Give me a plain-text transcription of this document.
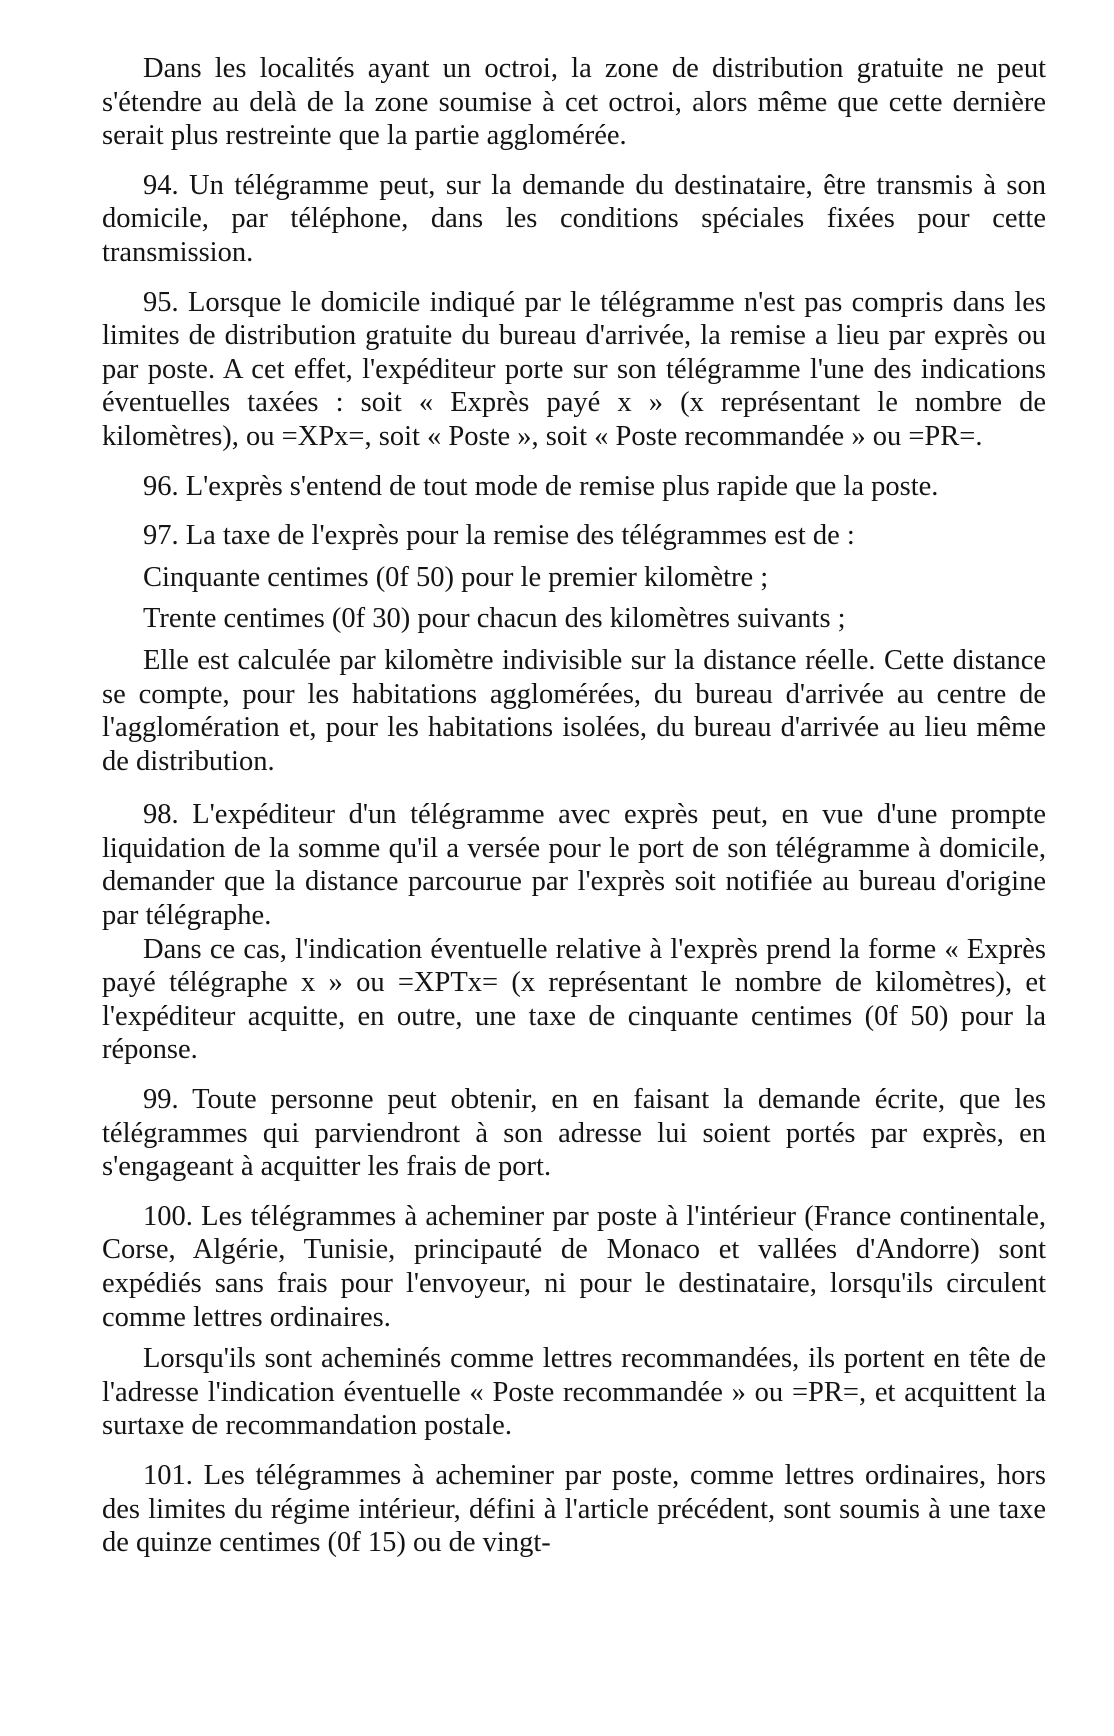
Dans les localités ayant un octroi, la zone de distribution gratuite ne peut s'étendre au delà de la zone soumise à cet octroi, alors même que cette dernière serait plus restreinte que la partie agglomérée.

94. Un télégramme peut, sur la demande du destinataire, être transmis à son domicile, par téléphone, dans les conditions spéciales fixées pour cette transmission.

95. Lorsque le domicile indiqué par le télégramme n'est pas compris dans les limites de distribution gratuite du bureau d'arrivée, la remise a lieu par exprès ou par poste. A cet effet, l'expéditeur porte sur son télégramme l'une des indications éventuelles taxées : soit « Exprès payé x » (x représentant le nombre de kilomètres), ou =XPx=, soit « Poste », soit « Poste recommandée » ou =PR=.

96. L'exprès s'entend de tout mode de remise plus rapide que la poste.

97. La taxe de l'exprès pour la remise des télégrammes est de :

Cinquante centimes (0f 50) pour le premier kilomètre ;

Trente centimes (0f 30) pour chacun des kilomètres suivants ;

Elle est calculée par kilomètre indivisible sur la distance réelle. Cette distance se compte, pour les habitations agglomérées, du bureau d'arrivée au centre de l'agglomération et, pour les habitations isolées, du bureau d'arrivée au lieu même de distribution.

98. L'expéditeur d'un télégramme avec exprès peut, en vue d'une prompte liquidation de la somme qu'il a versée pour le port de son télégramme à domicile, demander que la distance parcourue par l'exprès soit notifiée au bureau d'origine par télégraphe.

Dans ce cas, l'indication éventuelle relative à l'exprès prend la forme « Exprès payé télégraphe x » ou =XPTx= (x représentant le nombre de kilomètres), et l'expéditeur acquitte, en outre, une taxe de cinquante centimes (0f 50) pour la réponse.

99. Toute personne peut obtenir, en en faisant la demande écrite, que les télégrammes qui parviendront à son adresse lui soient portés par exprès, en s'engageant à acquitter les frais de port.

100. Les télégrammes à acheminer par poste à l'intérieur (France continentale, Corse, Algérie, Tunisie, principauté de Monaco et vallées d'Andorre) sont expédiés sans frais pour l'envoyeur, ni pour le destinataire, lorsqu'ils circulent comme lettres ordinaires.

Lorsqu'ils sont acheminés comme lettres recommandées, ils portent en tête de l'adresse l'indication éventuelle « Poste recommandée » ou =PR=, et acquittent la surtaxe de recommandation postale.

101. Les télégrammes à acheminer par poste, comme lettres ordinaires, hors des limites du régime intérieur, défini à l'article précédent, sont soumis à une taxe de quinze centimes (0f 15) ou de vingt-
